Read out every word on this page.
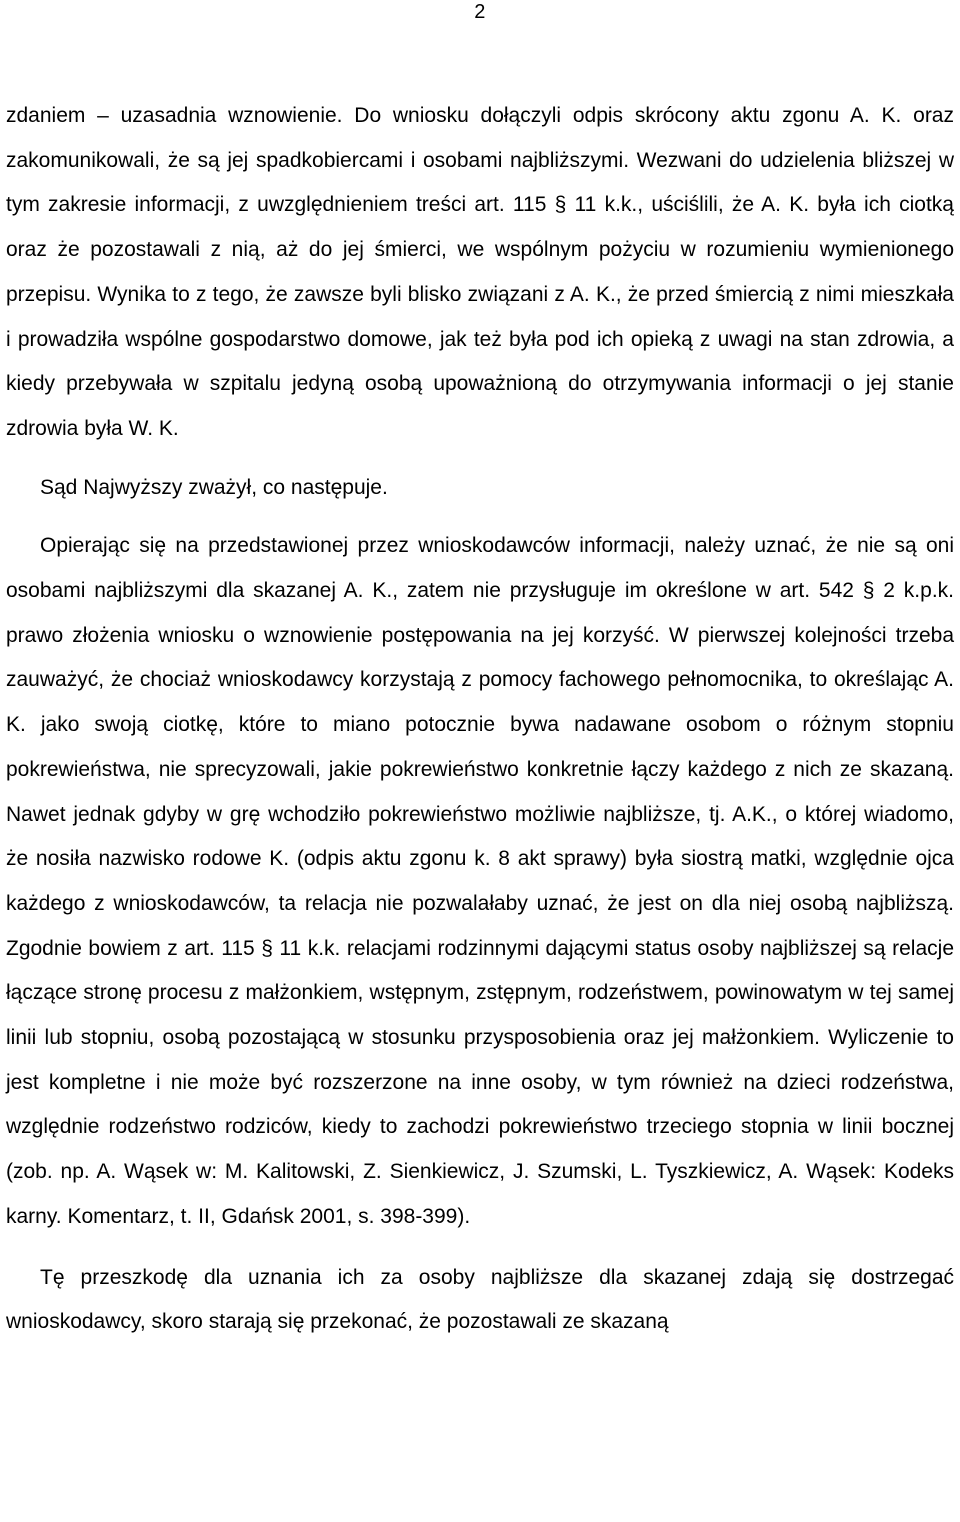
2

zdaniem – uzasadnia wznowienie. Do wniosku dołączyli odpis skrócony aktu zgonu A. K. oraz zakomunikowali, że są jej spadkobiercami i osobami najbliższymi. Wezwani do udzielenia bliższej w tym zakresie informacji, z uwzględnieniem treści art. 115 § 11 k.k., uściślili, że A. K. była ich ciotką oraz że pozostawali z nią, aż do jej śmierci, we wspólnym pożyciu w rozumieniu wymienionego przepisu. Wynika to z tego, że zawsze byli blisko związani z A. K., że przed śmiercią z nimi mieszkała i prowadziła wspólne gospodarstwo domowe, jak też była pod ich opieką z uwagi na stan zdrowia, a kiedy przebywała w szpitalu jedyną osobą upoważnioną do otrzymywania informacji o jej stanie zdrowia była W. K.

Sąd Najwyższy zważył, co następuje.

Opierając się na przedstawionej przez wnioskodawców informacji, należy uznać, że nie są oni osobami najbliższymi dla skazanej A. K., zatem nie przysługuje im określone w art. 542 § 2 k.p.k. prawo złożenia wniosku o wznowienie postępowania na jej korzyść. W pierwszej kolejności trzeba zauważyć, że chociaż wnioskodawcy korzystają z pomocy fachowego pełnomocnika, to określając A. K. jako swoją ciotkę, które to miano potocznie bywa nadawane osobom o różnym stopniu pokrewieństwa, nie sprecyzowali, jakie pokrewieństwo konkretnie łączy każdego z nich ze skazaną. Nawet jednak gdyby w grę wchodziło pokrewieństwo możliwie najbliższe, tj. A.K., o której wiadomo, że nosiła nazwisko rodowe K. (odpis aktu zgonu k. 8 akt sprawy) była siostrą matki, względnie ojca każdego z wnioskodawców, ta relacja nie pozwalałaby uznać, że jest on dla niej osobą najbliższą. Zgodnie bowiem z art. 115 § 11 k.k. relacjami rodzinnymi dającymi status osoby najbliższej są relacje łączące stronę procesu z małżonkiem, wstępnym, zstępnym, rodzeństwem, powinowatym w tej samej linii lub stopniu, osobą pozostającą w stosunku przysposobienia oraz jej małżonkiem. Wyliczenie to jest kompletne i nie może być rozszerzone na inne osoby, w tym również na dzieci rodzeństwa, względnie rodzeństwo rodziców, kiedy to zachodzi pokrewieństwo trzeciego stopnia w linii bocznej (zob. np. A. Wąsek w: M. Kalitowski, Z. Sienkiewicz, J. Szumski, L. Tyszkiewicz, A. Wąsek: Kodeks karny. Komentarz, t. II, Gdańsk 2001, s. 398-399).

Tę przeszkodę dla uznania ich za osoby najbliższe dla skazanej zdają się dostrzegać wnioskodawcy, skoro starają się przekonać, że pozostawali ze skazaną
